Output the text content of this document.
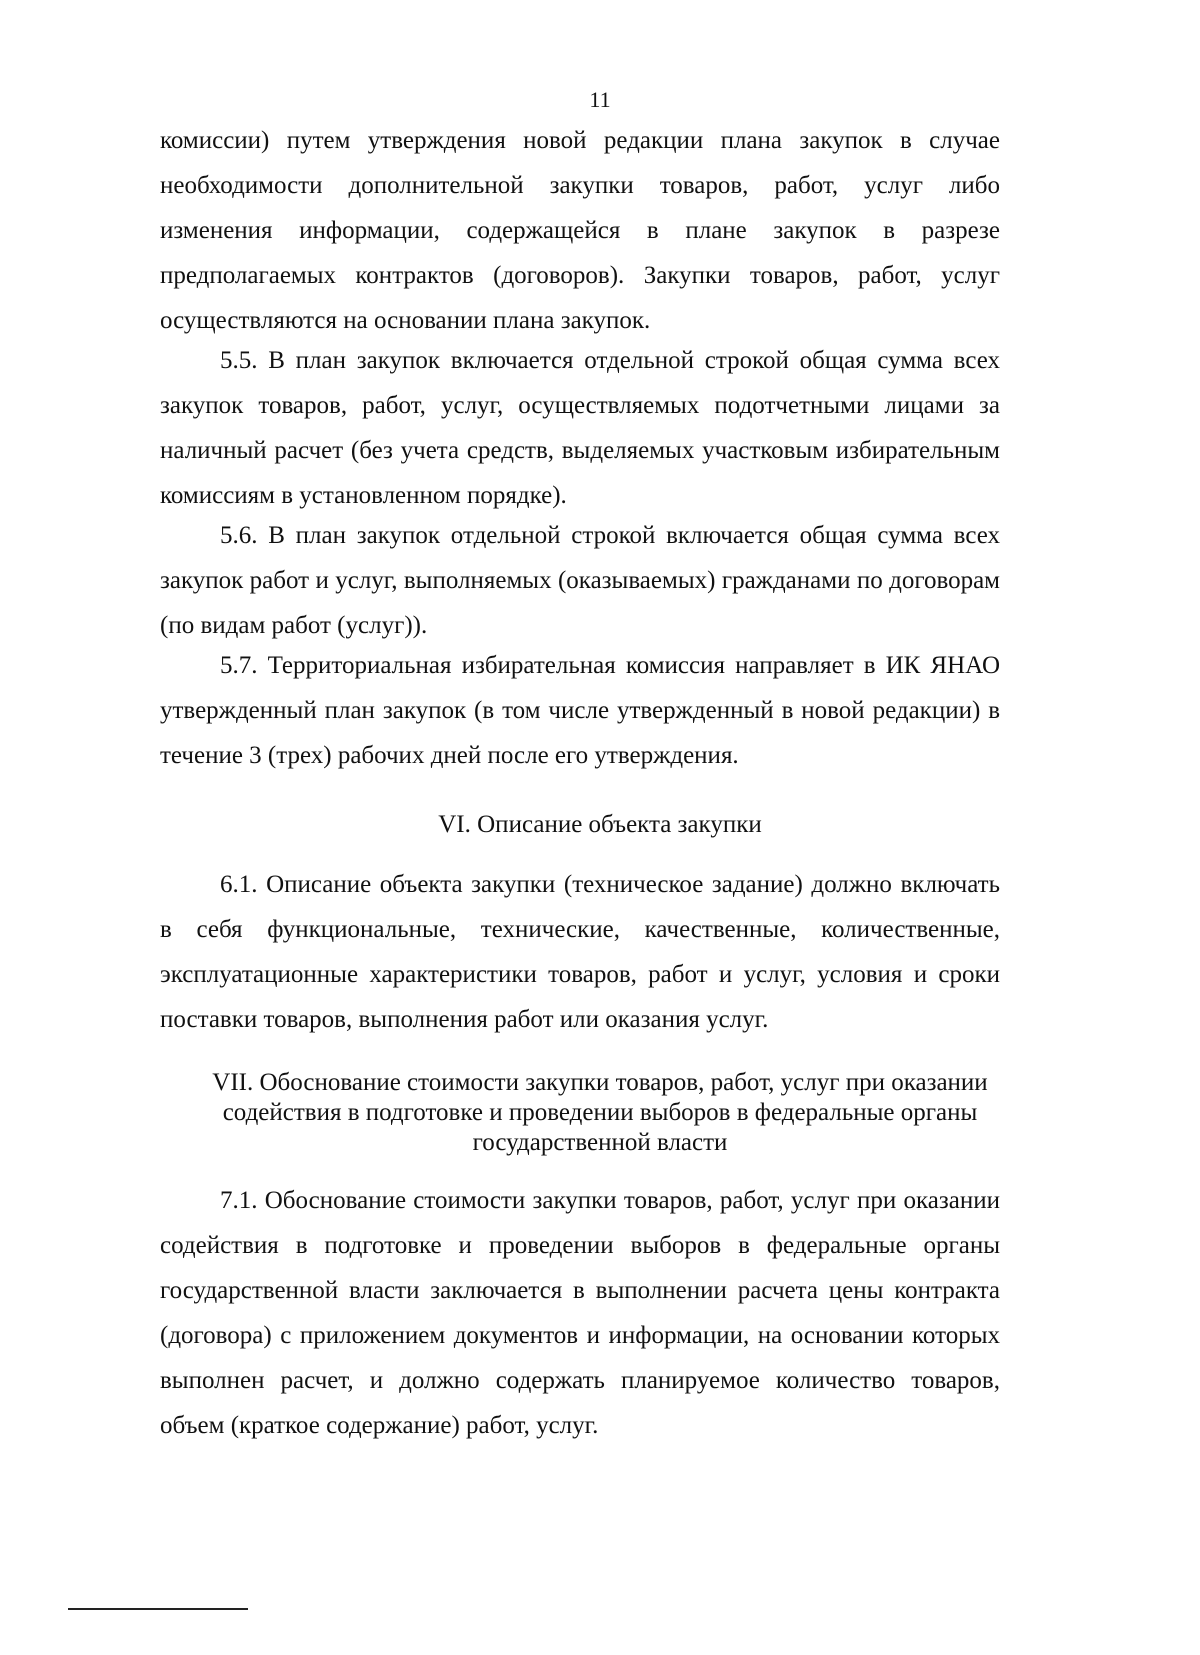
11
комиссии) путем утверждения новой редакции плана закупок в случае необходимости дополнительной закупки товаров, работ, услуг либо изменения информации, содержащейся в плане закупок в разрезе предполагаемых контрактов (договоров). Закупки товаров, работ, услуг осуществляются на основании плана закупок.
5.5. В план закупок включается отдельной строкой общая сумма всех закупок товаров, работ, услуг, осуществляемых подотчетными лицами за наличный расчет (без учета средств, выделяемых участковым избирательным комиссиям в установленном порядке).
5.6. В план закупок отдельной строкой включается общая сумма всех закупок работ и услуг, выполняемых (оказываемых) гражданами по договорам (по видам работ (услуг)).
5.7. Территориальная избирательная комиссия направляет в ИК ЯНАО утвержденный план закупок (в том числе утвержденный в новой редакции) в течение 3 (трех) рабочих дней после его утверждения.
VI. Описание объекта закупки
6.1. Описание объекта закупки (техническое задание) должно включать в себя функциональные, технические, качественные, количественные, эксплуатационные характеристики товаров, работ и услуг, условия и сроки поставки товаров, выполнения работ или оказания услуг.
VII. Обоснование стоимости закупки товаров, работ, услуг при оказании
содействия в подготовке и проведении выборов в федеральные органы
государственной власти
7.1. Обоснование стоимости закупки товаров, работ, услуг при оказании содействия в подготовке и проведении выборов в федеральные органы государственной власти заключается в выполнении расчета цены контракта (договора) с приложением документов и информации, на основании которых выполнен расчет, и должно содержать планируемое количество товаров, объем (краткое содержание) работ, услуг.
